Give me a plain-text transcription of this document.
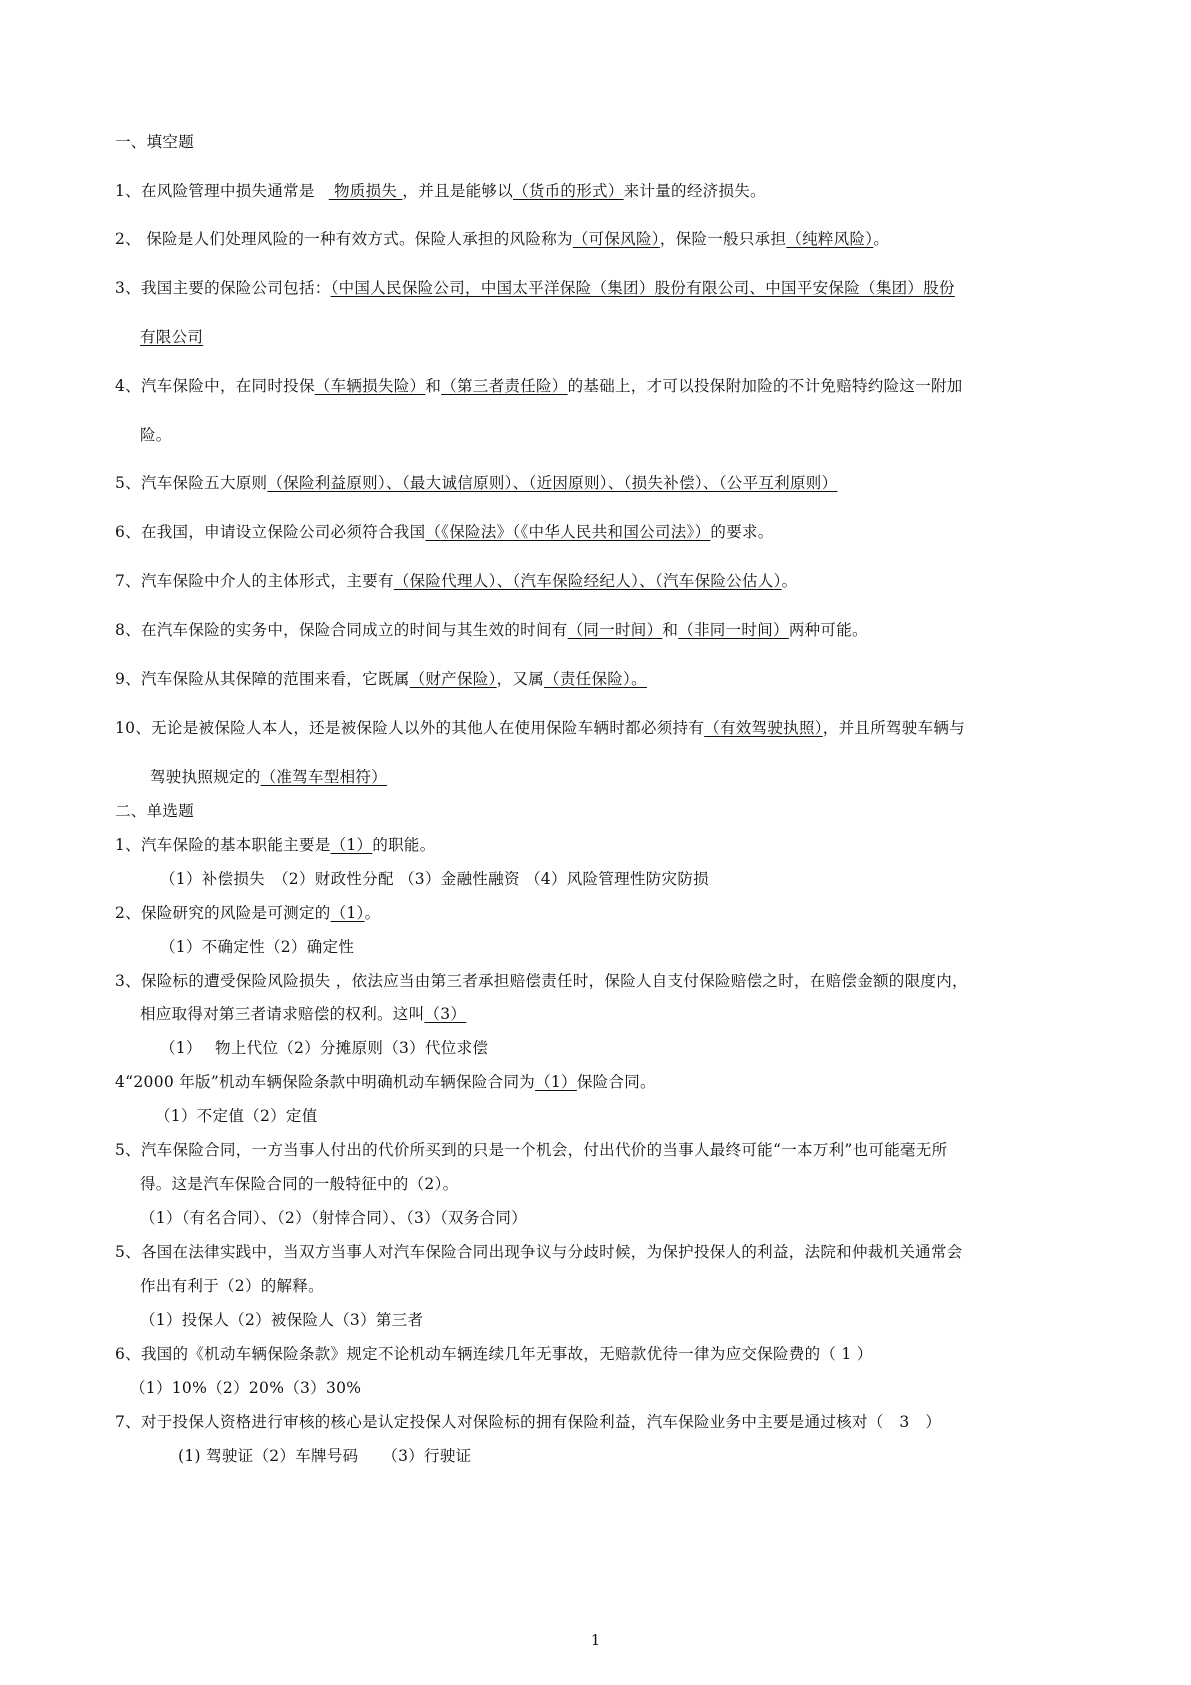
一、填空题
1、在风险管理中损失通常是 物质损失 ，并且是能够以（货币的形式）来计量的经济损失。
2、 保险是人们处理风险的一种有效方式。保险人承担的风险称为（可保风险），保险一般只承担（纯粹风险）。
3、我国主要的保险公司包括：（中国人民保险公司，中国太平洋保险（集团）股份有限公司、中国平安保险（集团）股份
有限公司
4、汽车保险中，在同时投保（车辆损失险）和（第三者责任险）的基础上，才可以投保附加险的不计免赔特约险这一附加
险。
5、汽车保险五大原则（保险利益原则）、（最大诚信原则）、（近因原则）、（损失补偿）、（公平互利原则）
6、在我国，申请设立保险公司必须符合我国（《保险法》（《中华人民共和国公司法》）的要求。
7、汽车保险中介人的主体形式，主要有（保险代理人）、（汽车保险经纪人）、（汽车保险公估人）。
8、在汽车保险的实务中，保险合同成立的时间与其生效的时间有（同一时间）和（非同一时间）两种可能。
9、汽车保险从其保障的范围来看，它既属（财产保险），又属（责任保险）。
10、无论是被保险人本人，还是被保险人以外的其他人在使用保险车辆时都必须持有（有效驾驶执照），并且所驾驶车辆与
驾驶执照规定的（准驾车型相符）
二、单选题
1、汽车保险的基本职能主要是（1）的职能。
（1）补偿损失　（2）财政性分配 （3）金融性融资 （4）风险管理性防灾防损
2、保险研究的风险是可测定的（1）。
（1）不确定性（2）确定性
3、保险标的遭受保险风险损失 ，依法应当由第三者承担赔偿责任时，保险人自支付保险赔偿之时，在赔偿金额的限度内，
相应取得对第三者请求赔偿的权利。这叫（3）
（1）　 物上代位（2）分摊原则（3）代位求偿
4“2000 年版”机动车辆保险条款中明确机动车辆保险合同为（1）保险合同。
（1）不定值（2）定值
5、汽车保险合同，一方当事人付出的代价所买到的只是一个机会，付出代价的当事人最终可能“一本万利”也可能毫无所
得。这是汽车保险合同的一般特征中的（2）。
（1）（有名合同）、（2）（射悻合同）、（3）（双务合同）
5、各国在法律实践中，当双方当事人对汽车保险合同出现争议与分歧时候，为保护投保人的利益，法院和仲裁机关通常会
作出有利于（2）的解释。
（1）投保人（2）被保险人（3）第三者
6、我国的《机动车辆保险条款》规定不论机动车辆连续几年无事故，无赔款优待一律为应交保险费的（ 1 ）
（1）10%（2）20%（3）30%
7、对于投保人资格进行审核的核心是认定投保人对保险标的拥有保险利益，汽车保险业务中主要是通过核对（　3　）
(1) 驾驶证（2）车牌号码　　（3）行驶证
1
